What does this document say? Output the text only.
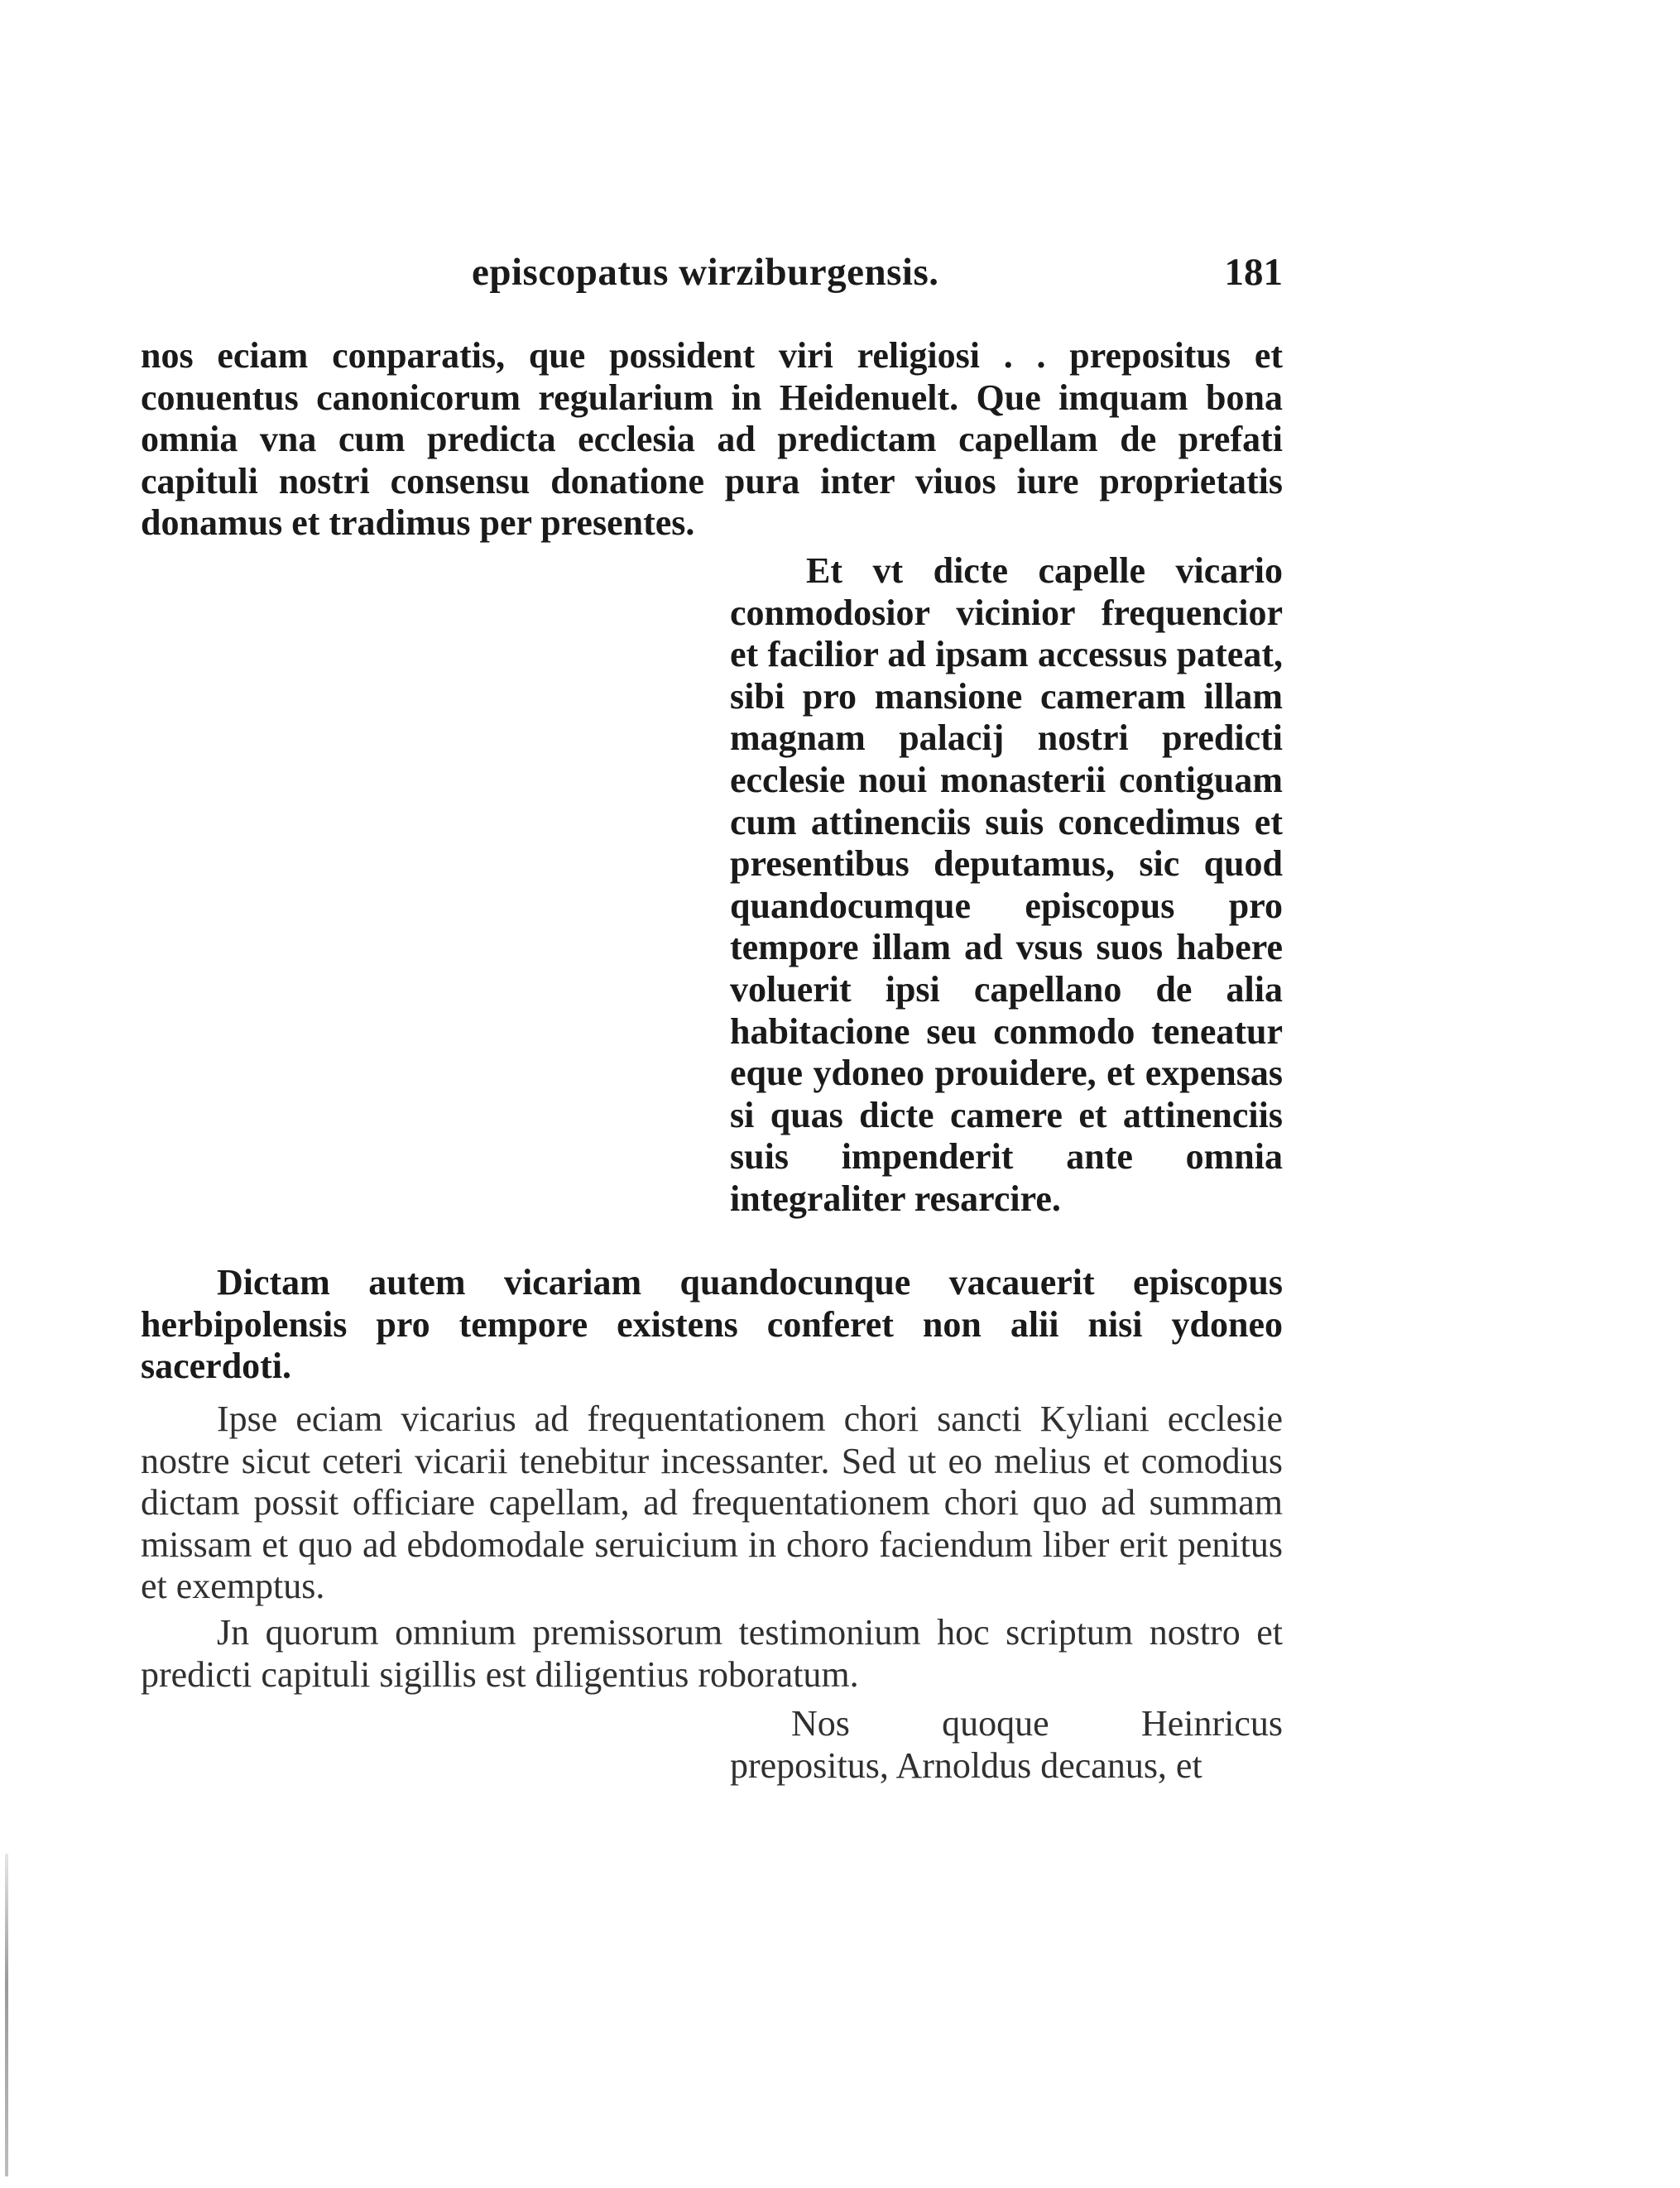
episcopatus wirziburgensis.	181

nos eciam conparatis, que possident viri religiosi . . prepositus et conuentus canonicorum regularium in Heidenuelt. Que imquam bona omnia vna cum predicta ecclesia ad predictam capellam de prefati capituli nostri consensu donatione pura inter viuos iure proprietatis donamus et tradimus per presentes.

Et vt dicte capelle vicario conmodosior vicinior frequencior et facilior ad ipsam accessus pateat, sibi pro mansione cameram illam magnam palacij nostri predicti ecclesie noui monasterii contiguam cum attinenciis suis concedimus et presentibus deputamus, sic quod quandocumque episcopus pro tempore illam ad vsus suos habere voluerit ipsi capellano de alia habitacione seu conmodo teneatur eque ydoneo prouidere, et expensas si quas dicte camere et attinenciis suis impenderit ante omnia integraliter resarcire.

Dictam autem vicariam quandocunque vacauerit episcopus herbipolensis pro tempore existens conferet non alii nisi ydoneo sacerdoti.

Ipse eciam vicarius ad frequentationem chori sancti Kyliani ecclesie nostre sicut ceteri vicarii tenebitur incessanter. Sed ut eo melius et comodius dictam possit officiare capellam, ad frequentationem chori quo ad summam missam et quo ad ebdomodale seruicium in choro faciendum liber erit penitus et exemptus.

Jn quorum omnium premissorum testimonium hoc scriptum nostro et predicti capituli sigillis est diligentius roboratum.

Nos quoque Heinricus prepositus, Arnoldus decanus, et
